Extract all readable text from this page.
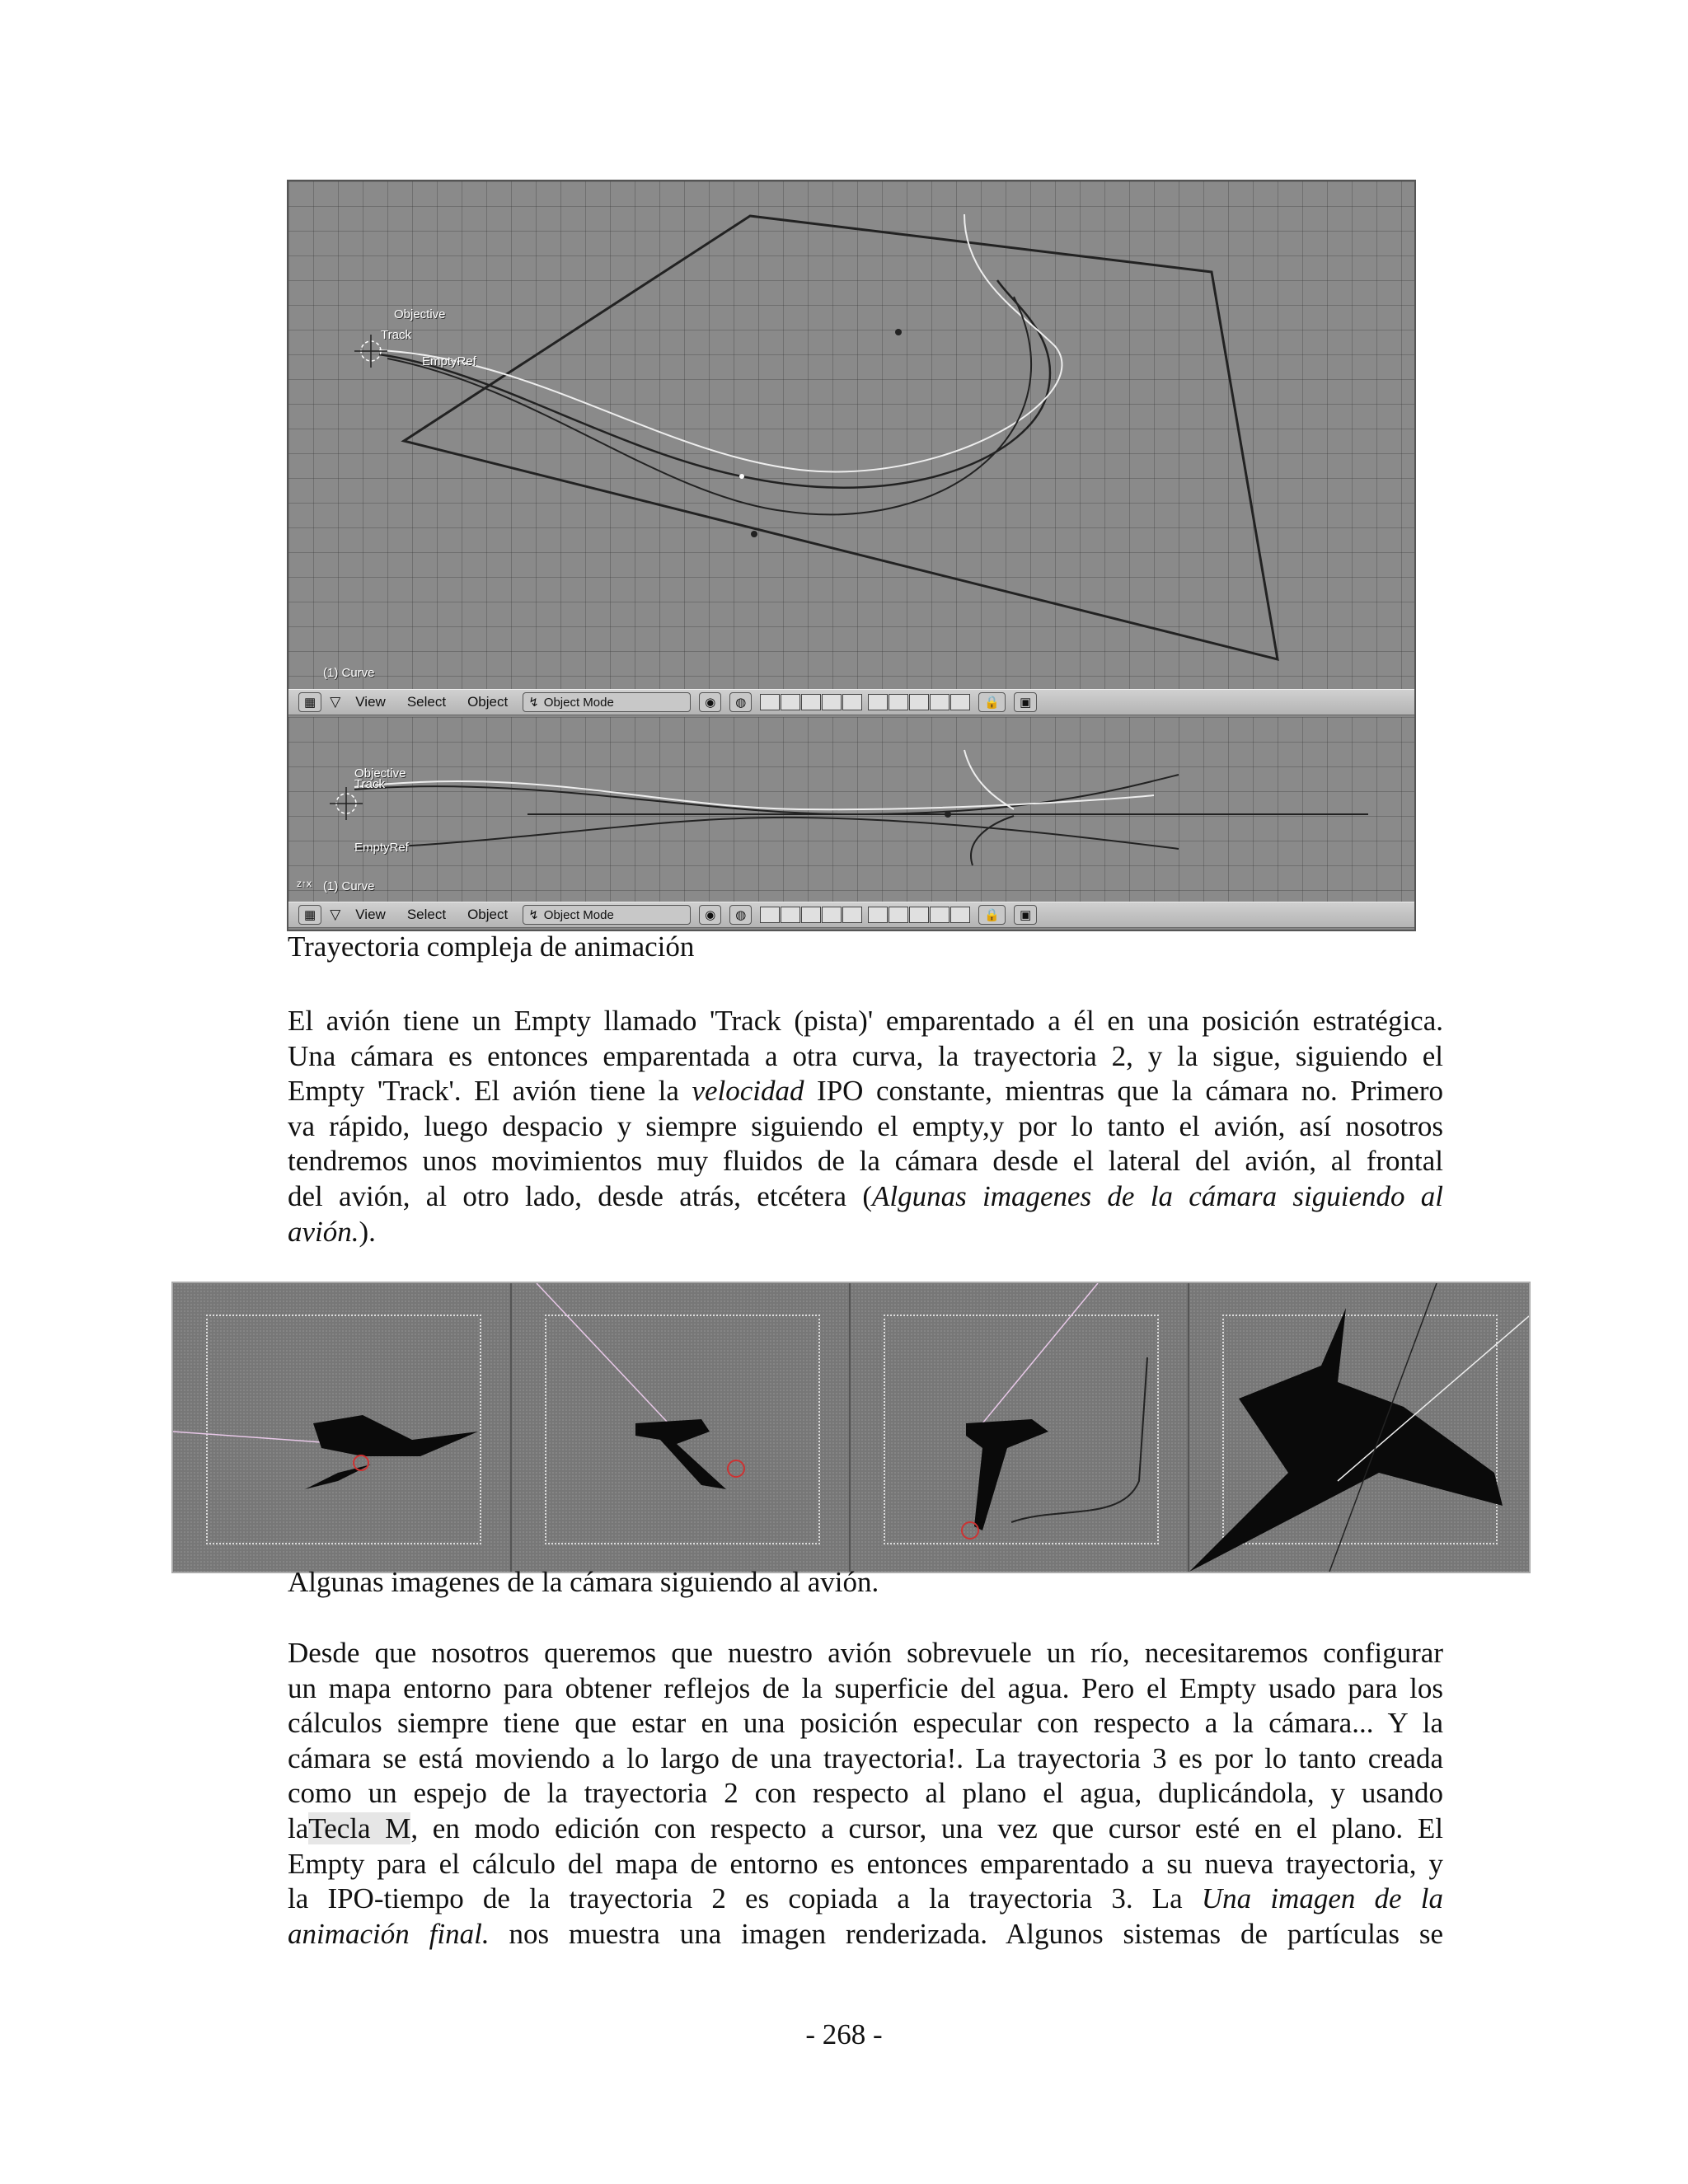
Objective
Track
EmptyRef
(1) Curve
▦	▽	View	Select	Object	↯ Object Mode	◉	◍	🔒	▣
Objective
Track
EmptyRef
z↑x (1) Curve
▦	▽	View	Select	Object	↯ Object Mode	◉	◍	🔒	▣
Trayectoria compleja de animación
El avión tiene un Empty llamado 'Track (pista)' emparentado a él en una posición estratégica.
Una cámara es entonces emparentada a otra curva, la trayectoria 2, y la sigue, siguiendo el
Empty 'Track'. El avión tiene la velocidad IPO constante, mientras que la cámara no. Primero
va rápido, luego despacio y siempre siguiendo el empty,y por lo tanto el avión, así nosotros
tendremos unos movimientos muy fluidos de la cámara desde el lateral del avión, al frontal
del avión, al otro lado, desde atrás, etcétera (Algunas imagenes de la cámara siguiendo al
avión.).
Algunas imagenes de la cámara siguiendo al avión.
Desde que nosotros queremos que nuestro avión sobrevuele un río, necesitaremos configurar
un mapa entorno para obtener reflejos de la superficie del agua. Pero el Empty usado para los
cálculos siempre tiene que estar en una posición especular con respecto a la cámara... Y la
cámara se está moviendo a lo largo de una trayectoria!. La trayectoria 3 es por lo tanto creada
como un espejo de la trayectoria 2 con respecto al plano el agua, duplicándola, y usando
laTecla M, en modo edición con respecto a cursor, una vez que cursor esté en el plano. El
Empty para el cálculo del mapa de entorno es entonces emparentado a su nueva trayectoria, y
la IPO-tiempo de la trayectoria 2 es copiada a la trayectoria 3. La Una imagen de la
animación final. nos muestra una imagen renderizada. Algunos sistemas de partículas se
- 268 -
